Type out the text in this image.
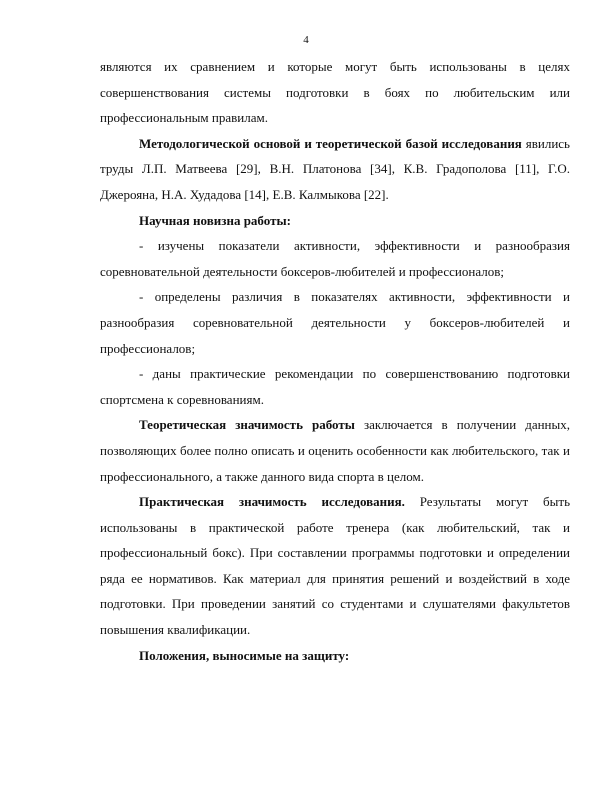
4

являются их сравнением и которые могут быть использованы в целях совершенствования системы подготовки в боях по любительским или профессиональным правилам.

Методологической основой и теоретической базой исследования явились труды Л.П. Матвеева [29], В.Н. Платонова [34], К.В. Градополова [11], Г.О. Джерояна, Н.А. Худадова [14], Е.В. Калмыкова [22].

Научная новизна работы:

- изучены показатели активности, эффективности и разнообразия соревновательной деятельности боксеров-любителей и профессионалов;

- определены различия в показателях активности, эффективности и разнообразия соревновательной деятельности у боксеров-любителей и профессионалов;

- даны практические рекомендации по совершенствованию подготовки спортсмена к соревнованиям.

Теоретическая значимость работы заключается в получении данных, позволяющих более полно описать и оценить особенности как любительского, так и профессионального, а также данного вида спорта в целом.

Практическая значимость исследования. Результаты могут быть использованы в практической работе тренера (как любительский, так и профессиональный бокс). При составлении программы подготовки и определении ряда ее нормативов. Как материал для принятия решений и воздействий в ходе подготовки. При проведении занятий со студентами и слушателями факультетов повышения квалификации.

Положения, выносимые на защиту:
